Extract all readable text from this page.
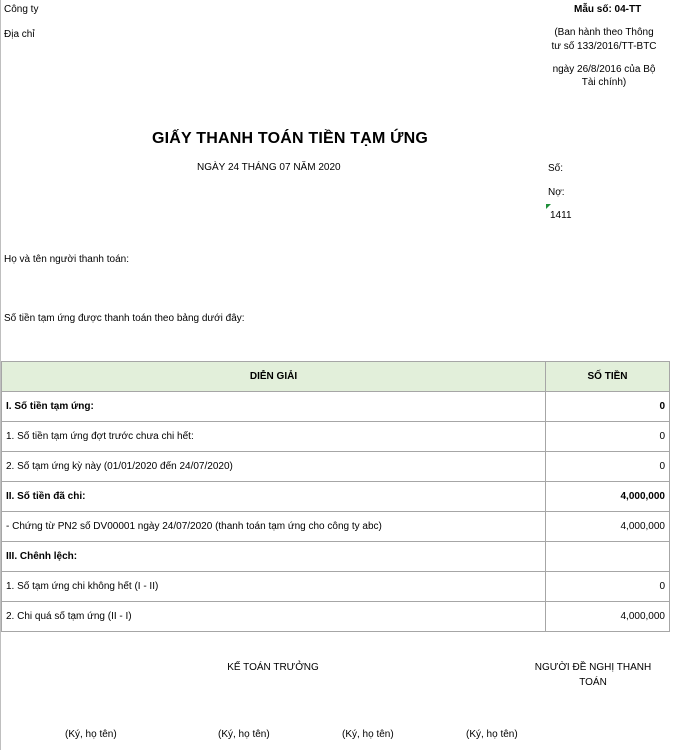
Công ty
Địa chỉ
Mẫu số: 04-TT
(Ban hành theo Thông
tư số 133/2016/TT-BTC
ngày 26/8/2016 của Bộ
Tài chính)
GIẤY THANH TOÁN TIỀN TẠM ỨNG
NGÀY 24 THÁNG 07 NĂM 2020	Số:
Nợ:
1411
Họ và tên người thanh toán:
Số tiền tạm ứng được thanh toán theo bảng dưới đây:
DIỄN GIẢI	SỐ TIỀN
I. Số tiền tạm ứng:	0
1. Số tiền tạm ứng đợt trước chưa chi hết:	0
2. Số tạm ứng kỳ này (01/01/2020 đến 24/07/2020)	0
II. Số tiền đã chi:	4,000,000
- Chứng từ PN2 số DV00001 ngày 24/07/2020 (thanh toán tạm ứng cho công ty abc)	4,000,000
III. Chênh lệch:	
1. Số tạm ứng chi không hết (I - II)	0
2. Chi quá số tạm ứng (II - I)	4,000,000
KẾ TOÁN TRƯỞNG	NGƯỜI ĐỀ NGHỊ THANH
TOÁN
(Ký, họ tên)	(Ký, họ tên)	(Ký, họ tên)	(Ký, họ tên)
